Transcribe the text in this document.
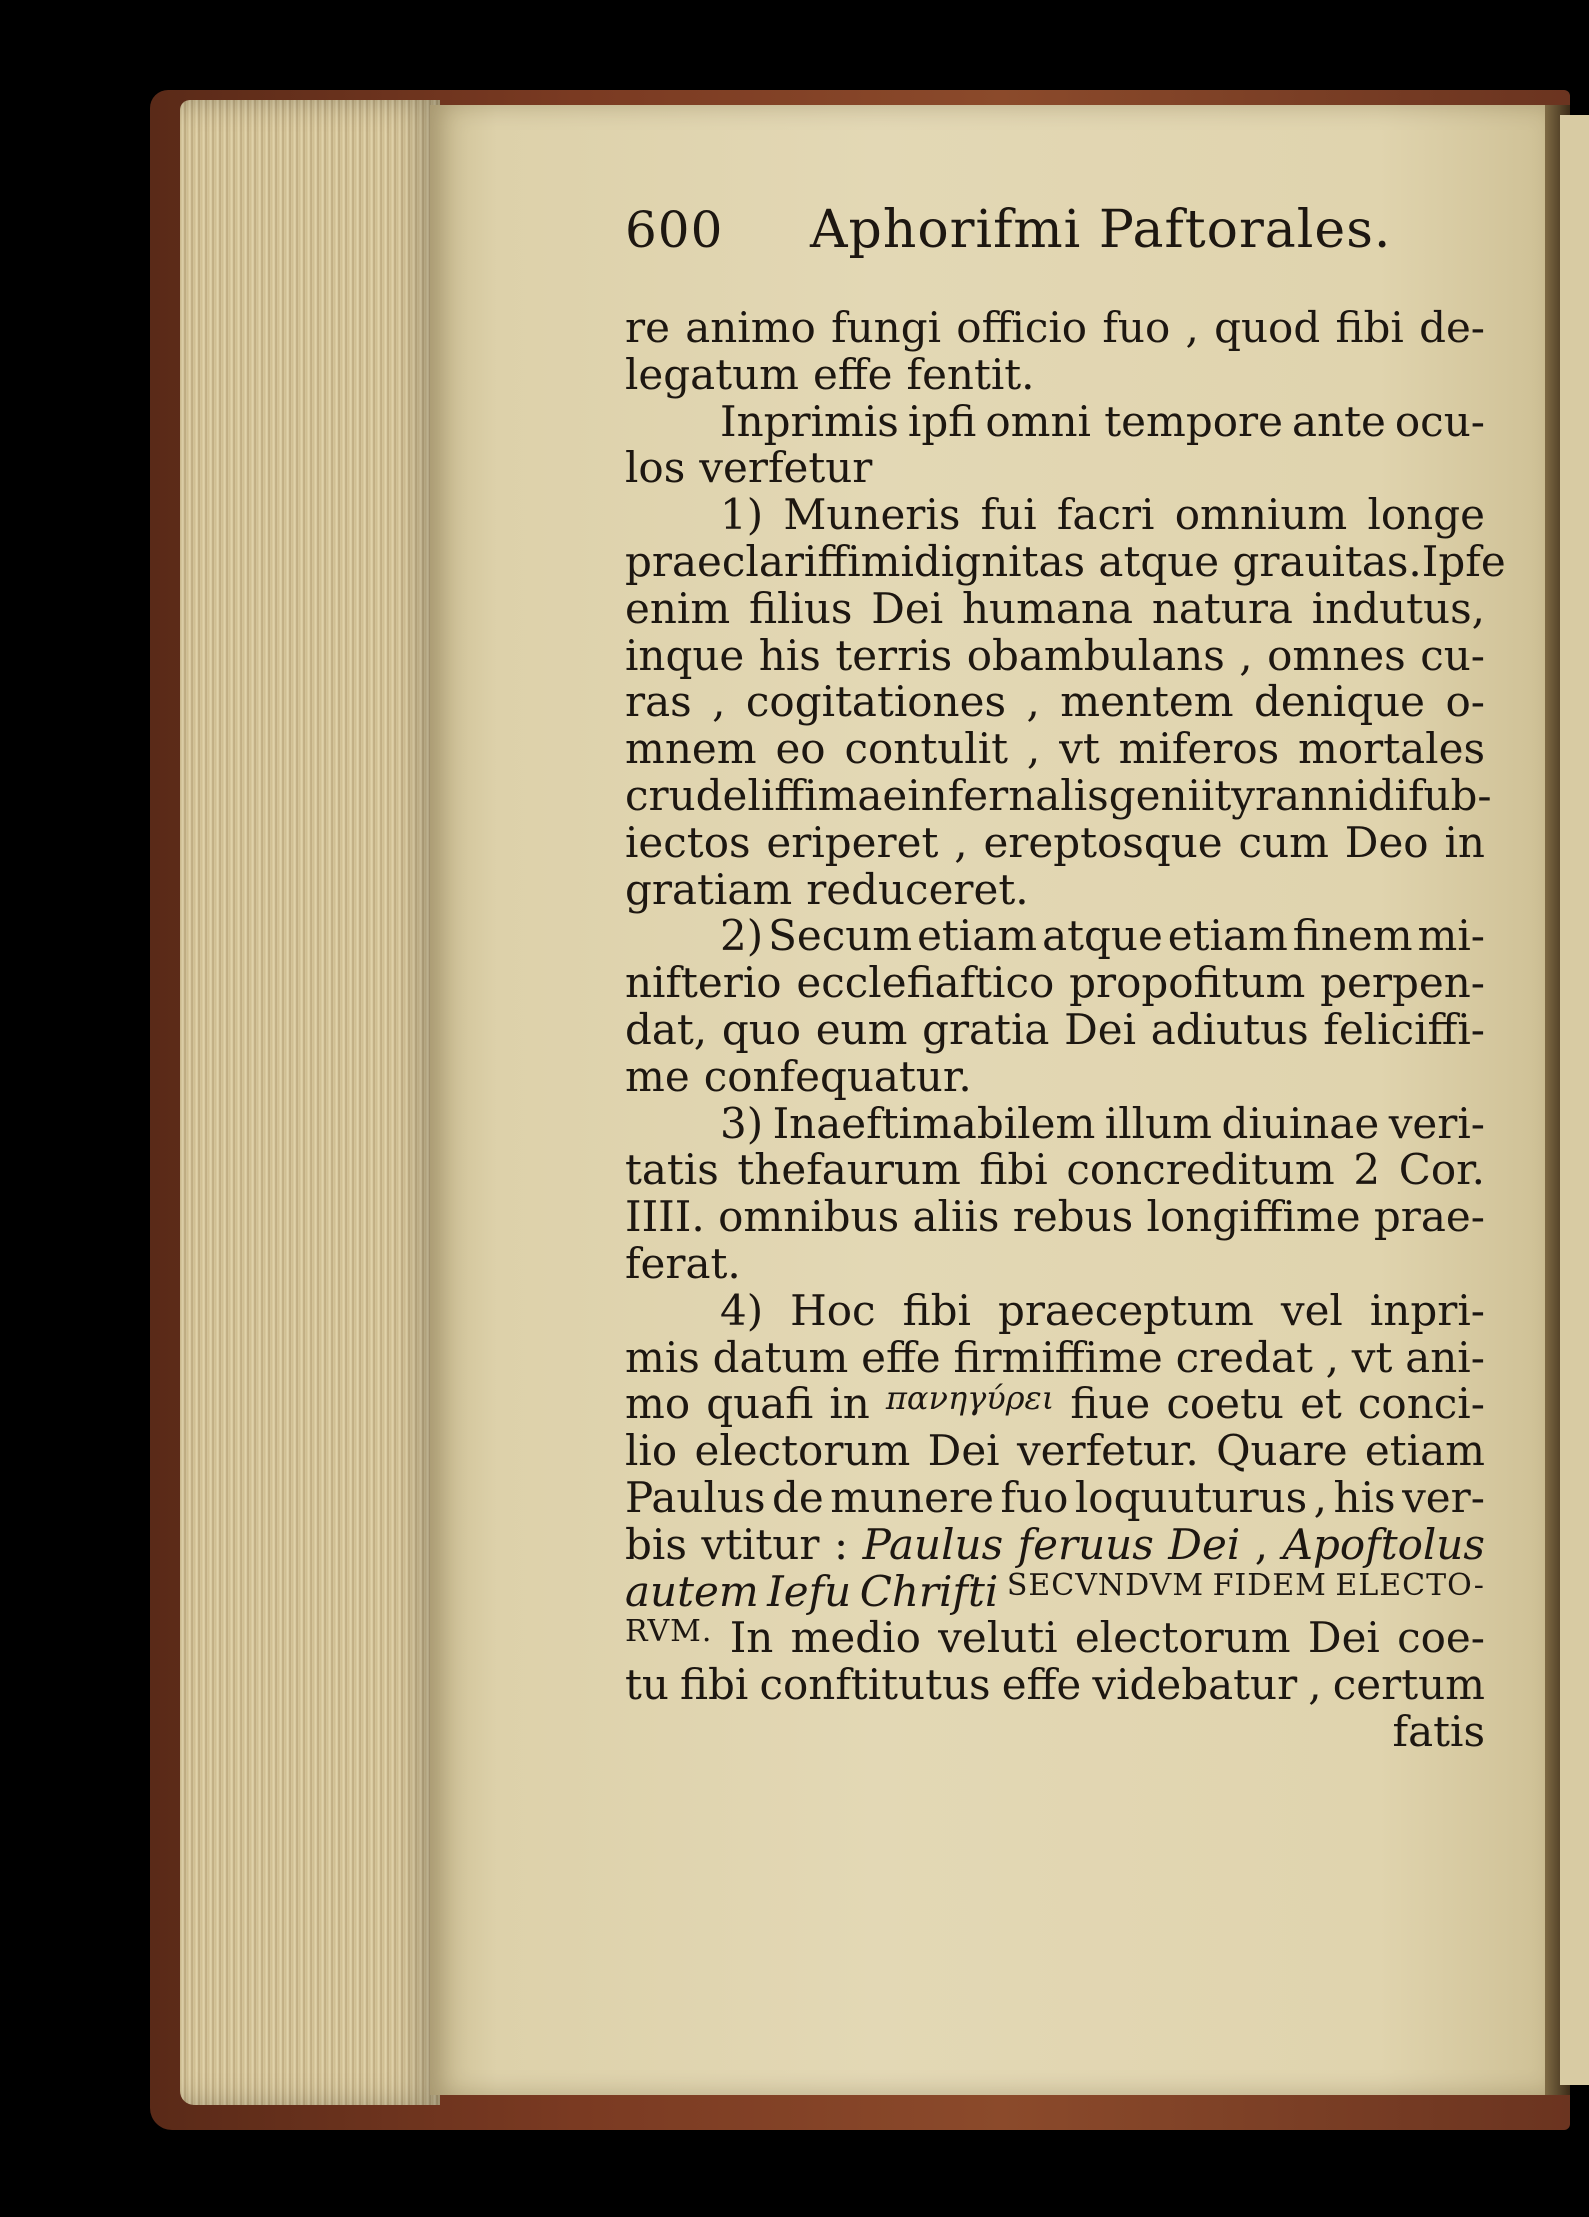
600	Aphorifmi Paftorales.
re animo fungi officio fuo , quod fibi de-
legatum effe fentit.
Inprimis ipfi omni tempore ante ocu-
los verfetur
1) Muneris fui facri omnium longe
praeclariffimi dignitas atque grauitas. Ipfe
enim filius Dei humana natura indutus,
inque his terris obambulans , omnes cu-
ras , cogitationes , mentem denique o-
mnem eo contulit , vt miferos mortales
crudeliffimae infernalis genii tyrannidi fub-
iectos eriperet , ereptosque cum Deo in
gratiam reduceret.
2) Secum etiam atque etiam finem mi-
nifterio ecclefiaftico propofitum perpen-
dat, quo eum gratia Dei adiutus feliciffi-
me confequatur.
3) Inaeftimabilem illum diuinae veri-
tatis thefaurum fibi concreditum 2 Cor.
IIII. omnibus aliis rebus longiffime prae-
ferat.
4) Hoc fibi praeceptum vel inpri-
mis datum effe firmiffime credat , vt ani-
mo quafi in πανηγύρει fiue coetu et conci-
lio electorum Dei verfetur. Quare etiam
Paulus de munere fuo loquuturus , his ver-
bis vtitur : Paulus feruus Dei , Apoftolus
autem Iefu Chrifti SECVNDVM FIDEM ELECTO-
RVM. In medio veluti electorum Dei coe-
tu fibi conftitutus effe videbatur , certum
fatis
